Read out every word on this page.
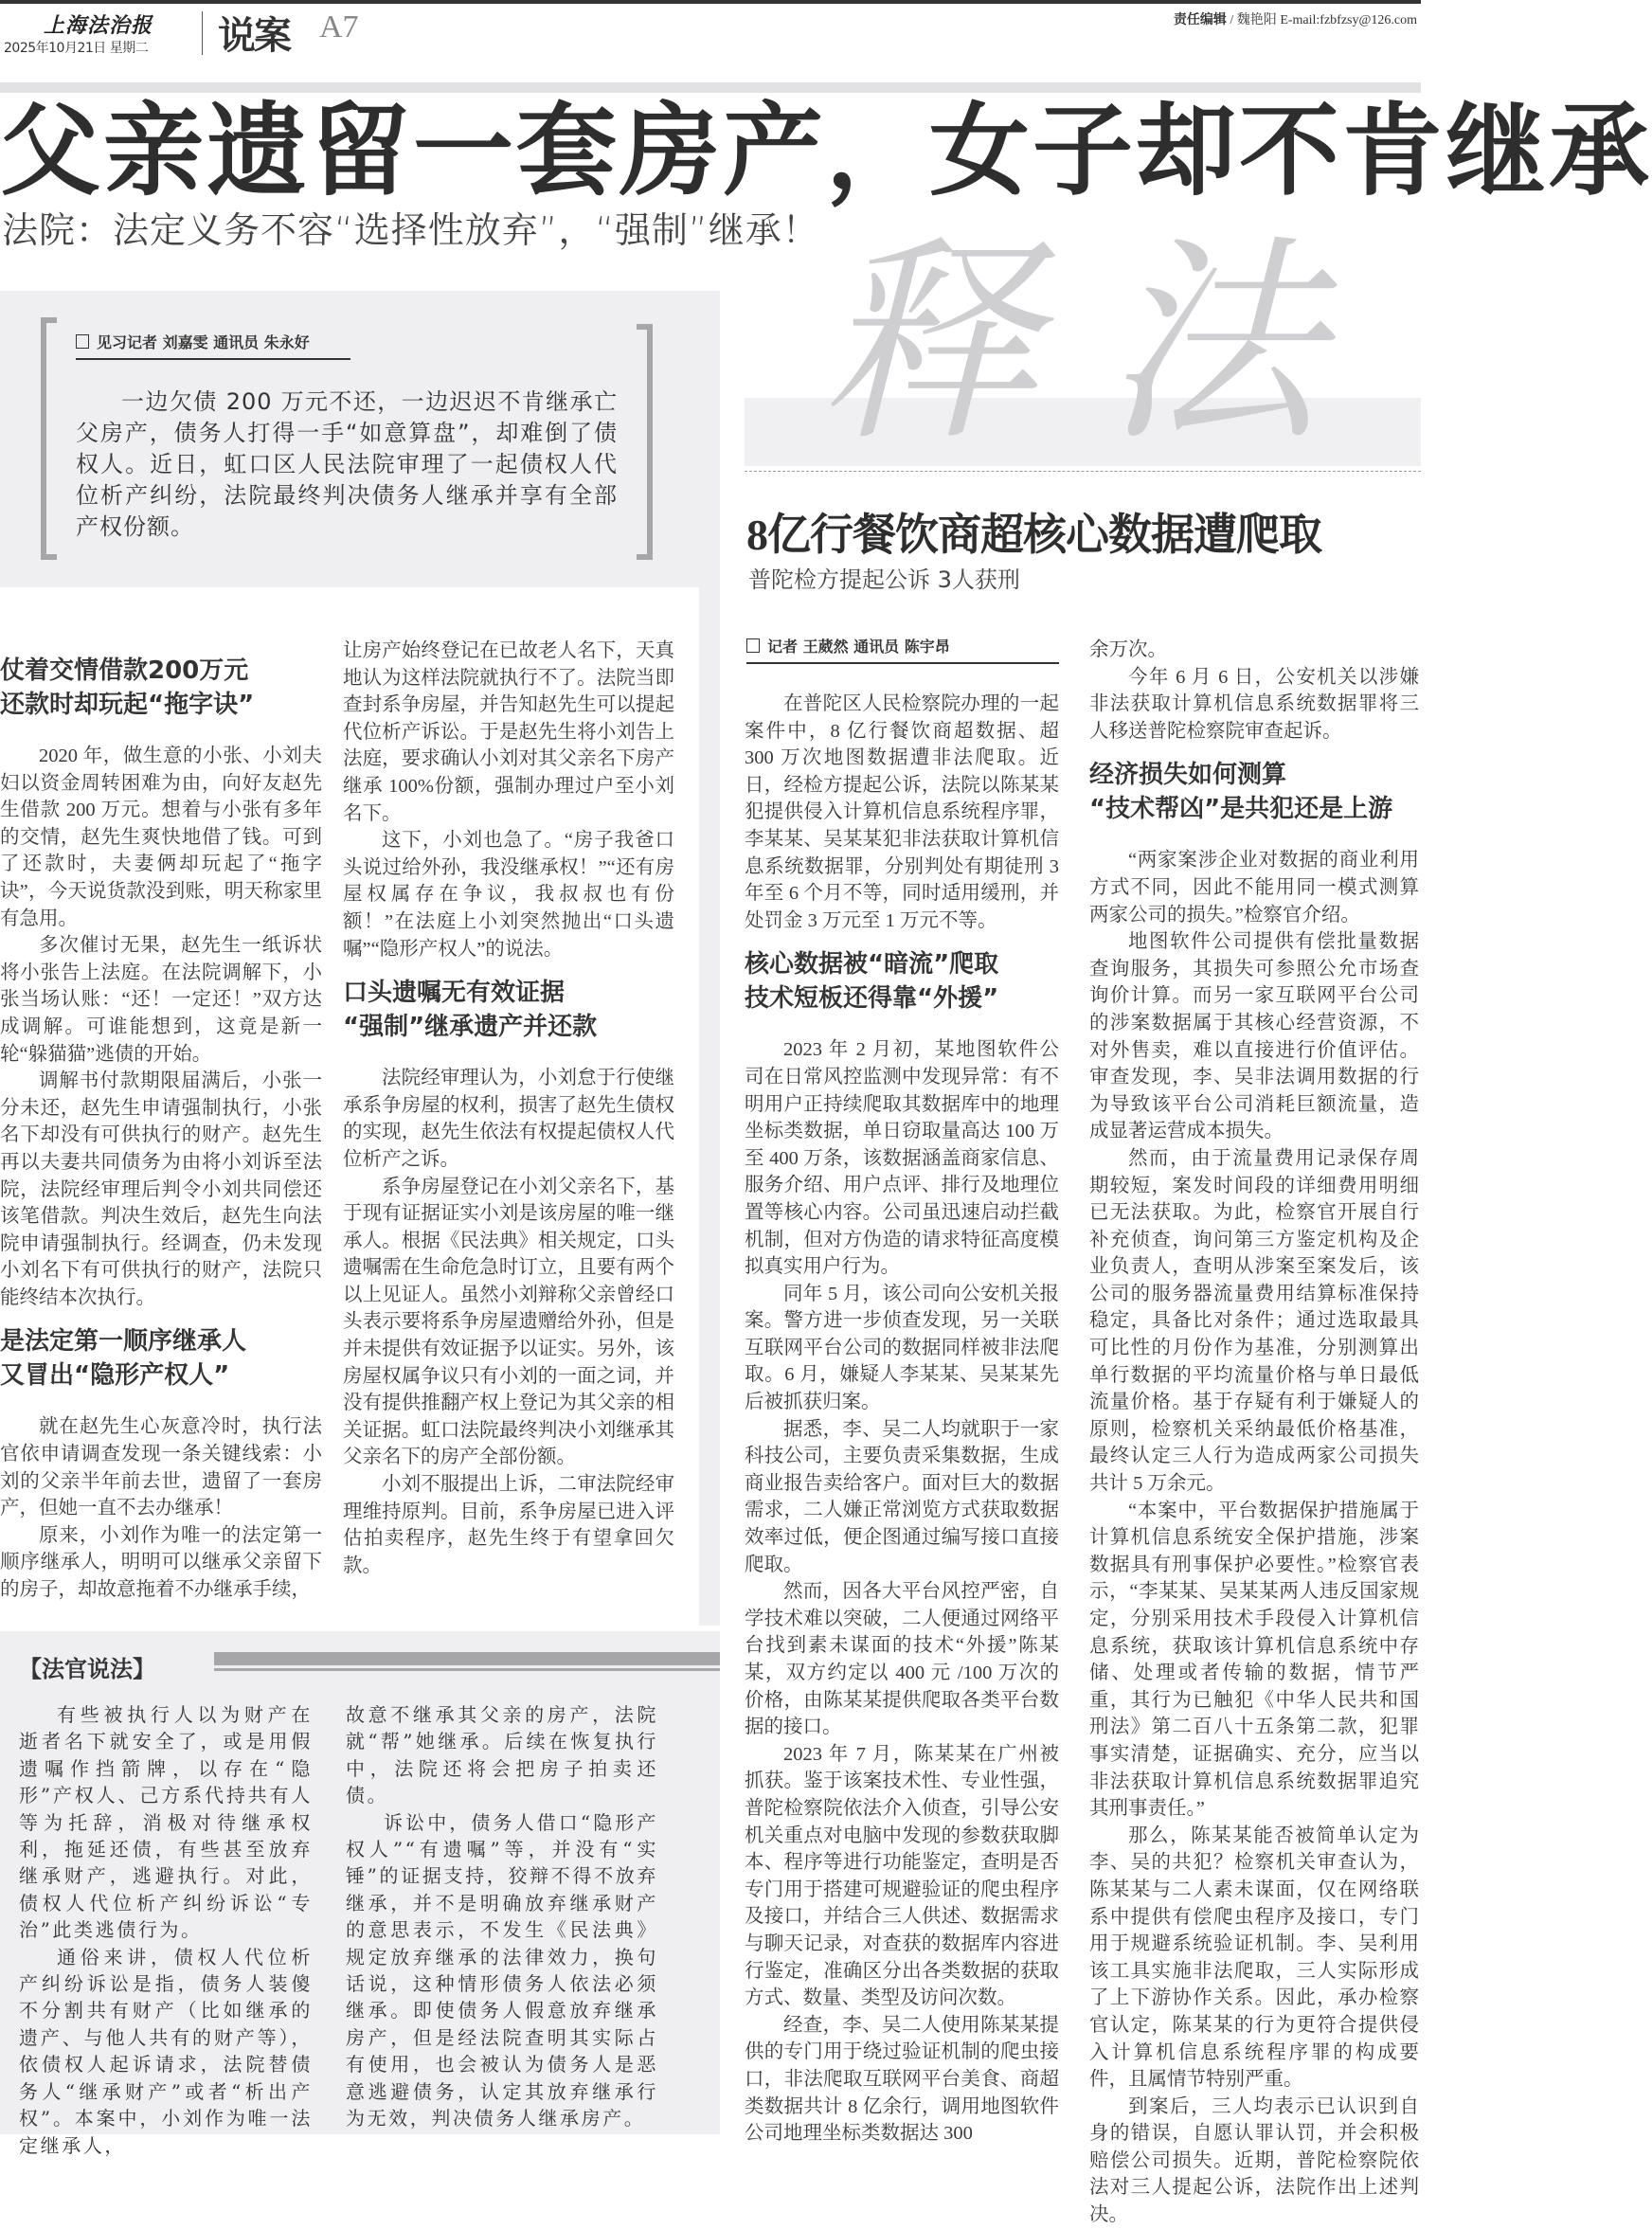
上海法治报
2025年10月21日 星期二 说案 A7	责任编辑 / 魏艳阳 E-mail:fzbfzsy@126.com
父亲遗留一套房产，女子却不肯继承
法院：法定义务不容“选择性放弃”，“强制”继承！
见习记者 刘嘉雯 通讯员 朱永好

一边欠债 200 万元不还，一边迟迟不肯继承亡父房产，债务人打得一手“如意算盘”，却难倒了债权人。近日，虹口区人民法院审理了一起债权人代位析产纠纷，法院最终判决债务人继承并享有全部产权份额。

仗着交情借款200万元
还款时却玩起“拖字诀”

2020 年，做生意的小张、小刘夫妇以资金周转困难为由，向好友赵先生借款 200 万元。想着与小张有多年的交情，赵先生爽快地借了钱。可到了还款时，夫妻俩却玩起了“拖字诀”，今天说货款没到账，明天称家里有急用。

多次催讨无果，赵先生一纸诉状将小张告上法庭。在法院调解下，小张当场认账：“还！一定还！”双方达成调解。可谁能想到，这竟是新一轮“躲猫猫”逃债的开始。

调解书付款期限届满后，小张一分未还，赵先生申请强制执行，小张名下却没有可供执行的财产。赵先生再以夫妻共同债务为由将小刘诉至法院，法院经审理后判令小刘共同偿还该笔借款。判决生效后，赵先生向法院申请强制执行。经调查，仍未发现小刘名下有可供执行的财产，法院只能终结本次执行。

是法定第一顺序继承人
又冒出“隐形产权人”

就在赵先生心灰意冷时，执行法官依申请调查发现一条关键线索：小刘的父亲半年前去世，遗留了一套房产，但她一直不去办继承！

原来，小刘作为唯一的法定第一顺序继承人，明明可以继承父亲留下的房子，却故意拖着不办继承手续，

让房产始终登记在已故老人名下，天真地认为这样法院就执行不了。法院当即查封系争房屋，并告知赵先生可以提起代位析产诉讼。于是赵先生将小刘告上法庭，要求确认小刘对其父亲名下房产继承 100%份额，强制办理过户至小刘名下。

这下，小刘也急了。“房子我爸口头说过给外孙，我没继承权！”“还有房屋权属存在争议，我叔叔也有份额！”在法庭上小刘突然抛出“口头遗嘱”“隐形产权人”的说法。

口头遗嘱无有效证据
“强制”继承遗产并还款

法院经审理认为，小刘怠于行使继承系争房屋的权利，损害了赵先生债权的实现，赵先生依法有权提起债权人代位析产之诉。

系争房屋登记在小刘父亲名下，基于现有证据证实小刘是该房屋的唯一继承人。根据《民法典》相关规定，口头遗嘱需在生命危急时订立，且要有两个以上见证人。虽然小刘辩称父亲曾经口头表示要将系争房屋遗赠给外孙，但是并未提供有效证据予以证实。另外，该房屋权属争议只有小刘的一面之词，并没有提供推翻产权上登记为其父亲的相关证据。虹口法院最终判决小刘继承其父亲名下的房产全部份额。

小刘不服提出上诉，二审法院经审理维持原判。目前，系争房屋已进入评估拍卖程序，赵先生终于有望拿回欠款。

【法官说法】

有些被执行人以为财产在逝者名下就安全了，或是用假遗嘱作挡箭牌，以存在“隐形”产权人、己方系代持共有人等为托辞，消极对待继承权利，拖延还债，有些甚至放弃继承财产，逃避执行。对此，债权人代位析产纠纷诉讼“专治”此类逃债行为。

通俗来讲，债权人代位析产纠纷诉讼是指，债务人装傻不分割共有财产（比如继承的遗产、与他人共有的财产等），依债权人起诉请求，法院替债务人“继承财产”或者“析出产权”。本案中，小刘作为唯一法定继承人，

故意不继承其父亲的房产，法院就“帮”她继承。后续在恢复执行中，法院还将会把房子拍卖还债。

诉讼中，债务人借口“隐形产权人”“有遗嘱”等，并没有“实锤”的证据支持，狡辩不得不放弃继承，并不是明确放弃继承财产的意思表示，不发生《民法典》规定放弃继承的法律效力，换句话说，这种情形债务人依法必须继承。即使债务人假意放弃继承房产，但是经法院查明其实际占有使用，也会被认为债务人是恶意逃避债务，认定其放弃继承行为无效，判决债务人继承房产。

释法
8亿行餐饮商超核心数据遭爬取
普陀检方提起公诉 3人获刑
记者 王葳然 通讯员 陈宇昂

在普陀区人民检察院办理的一起案件中，8 亿行餐饮商超数据、超 300 万次地图数据遭非法爬取。近日，经检方提起公诉，法院以陈某某犯提供侵入计算机信息系统程序罪，李某某、吴某某犯非法获取计算机信息系统数据罪，分别判处有期徒刑 3 年至 6 个月不等，同时适用缓刑，并处罚金 3 万元至 1 万元不等。

核心数据被“暗流”爬取
技术短板还得靠“外援”

2023 年 2 月初，某地图软件公司在日常风控监测中发现异常：有不明用户正持续爬取其数据库中的地理坐标类数据，单日窃取量高达 100 万至 400 万条，该数据涵盖商家信息、服务介绍、用户点评、排行及地理位置等核心内容。公司虽迅速启动拦截机制，但对方伪造的请求特征高度模拟真实用户行为。

同年 5 月，该公司向公安机关报案。警方进一步侦查发现，另一关联互联网平台公司的数据同样被非法爬取。6 月，嫌疑人李某某、吴某某先后被抓获归案。

据悉，李、吴二人均就职于一家科技公司，主要负责采集数据，生成商业报告卖给客户。面对巨大的数据需求，二人嫌正常浏览方式获取数据效率过低，便企图通过编写接口直接爬取。

然而，因各大平台风控严密，自学技术难以突破，二人便通过网络平台找到素未谋面的技术“外援”陈某某，双方约定以 400 元 /100 万次的价格，由陈某某提供爬取各类平台数据的接口。

2023 年 7 月，陈某某在广州被抓获。鉴于该案技术性、专业性强，普陀检察院依法介入侦查，引导公安机关重点对电脑中发现的参数获取脚本、程序等进行功能鉴定，查明是否专门用于搭建可规避验证的爬虫程序及接口，并结合三人供述、数据需求与聊天记录，对查获的数据库内容进行鉴定，准确区分出各类数据的获取方式、数量、类型及访问次数。

经查，李、吴二人使用陈某某提供的专门用于绕过验证机制的爬虫接口，非法爬取互联网平台美食、商超类数据共计 8 亿余行，调用地图软件公司地理坐标类数据达 300

余万次。

今年 6 月 6 日，公安机关以涉嫌非法获取计算机信息系统数据罪将三人移送普陀检察院审查起诉。

经济损失如何测算
“技术帮凶”是共犯还是上游

“两家案涉企业对数据的商业利用方式不同，因此不能用同一模式测算两家公司的损失。”检察官介绍。

地图软件公司提供有偿批量数据查询服务，其损失可参照公允市场查询价计算。而另一家互联网平台公司的涉案数据属于其核心经营资源，不对外售卖，难以直接进行价值评估。审查发现，李、吴非法调用数据的行为导致该平台公司消耗巨额流量，造成显著运营成本损失。

然而，由于流量费用记录保存周期较短，案发时间段的详细费用明细已无法获取。为此，检察官开展自行补充侦查，询问第三方鉴定机构及企业负责人，查明从涉案至案发后，该公司的服务器流量费用结算标准保持稳定，具备比对条件；通过选取最具可比性的月份作为基准，分别测算出单行数据的平均流量价格与单日最低流量价格。基于存疑有利于嫌疑人的原则，检察机关采纳最低价格基准，最终认定三人行为造成两家公司损失共计 5 万余元。

“本案中，平台数据保护措施属于计算机信息系统安全保护措施，涉案数据具有刑事保护必要性。”检察官表示，“李某某、吴某某两人违反国家规定，分别采用技术手段侵入计算机信息系统，获取该计算机信息系统中存储、处理或者传输的数据，情节严重，其行为已触犯《中华人民共和国刑法》第二百八十五条第二款，犯罪事实清楚，证据确实、充分，应当以非法获取计算机信息系统数据罪追究其刑事责任。”

那么，陈某某能否被简单认定为李、吴的共犯？检察机关审查认为，陈某某与二人素未谋面，仅在网络联系中提供有偿爬虫程序及接口，专门用于规避系统验证机制。李、吴利用该工具实施非法爬取，三人实际形成了上下游协作关系。因此，承办检察官认定，陈某某的行为更符合提供侵入计算机信息系统程序罪的构成要件，且属情节特别严重。

到案后，三人均表示已认识到自身的错误，自愿认罪认罚，并会积极赔偿公司损失。近期，普陀检察院依法对三人提起公诉，法院作出上述判决。
